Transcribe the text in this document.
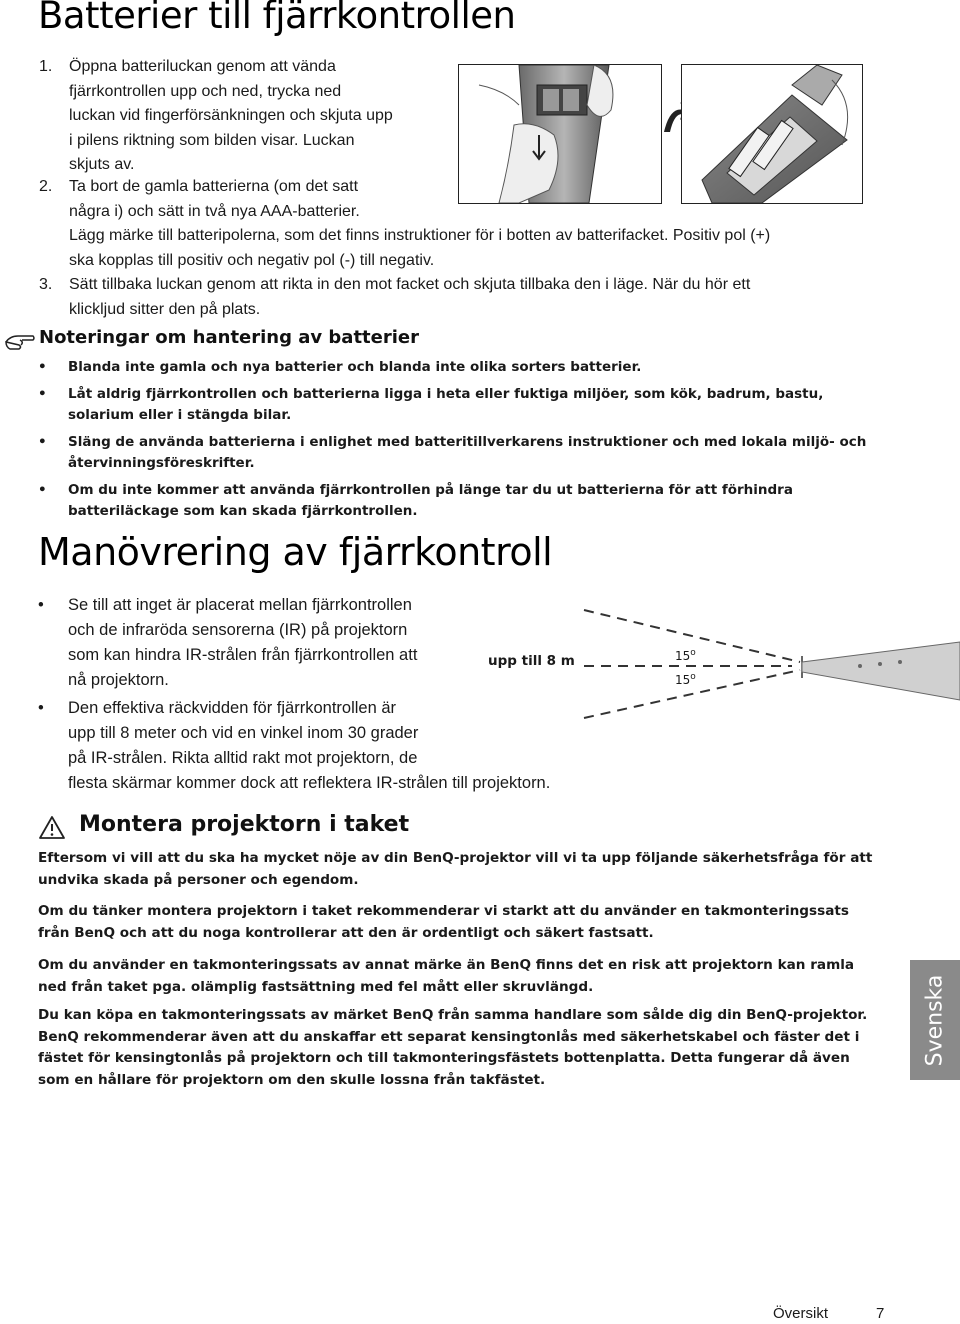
Batterier till fjärrkontrollen
1. Öppna batteriluckan genom att vända
fjärrkontrollen upp och ned, trycka ned
luckan vid fingerförsänkningen och skjuta upp
i pilens riktning som bilden visar. Luckan
skjuts av.
2. Ta bort de gamla batterierna (om det satt
några i) och sätt in två nya AAA-batterier.
Lägg märke till batteripolerna, som det finns instruktioner för i botten av batterifacket. Positiv pol (+)
ska kopplas till positiv och negativ pol (-) till negativ.
3. Sätt tillbaka luckan genom att rikta in den mot facket och skjuta tillbaka den i läge. När du hör ett
klickljud sitter den på plats.
Noteringar om hantering av batterier
• Blanda inte gamla och nya batterier och blanda inte olika sorters batterier.
• Låt aldrig fjärrkontrollen och batterierna ligga i heta eller fuktiga miljöer, som kök, badrum, bastu,
solarium eller i stängda bilar.
• Släng de använda batterierna i enlighet med batteritillverkarens instruktioner och med lokala miljö- och
återvinningsföreskrifter.
• Om du inte kommer att använda fjärrkontrollen på länge tar du ut batterierna för att förhindra
batteriläckage som kan skada fjärrkontrollen.
Manövrering av fjärrkontroll
• Se till att inget är placerat mellan fjärrkontrollen
och de infraröda sensorerna (IR) på projektorn
som kan hindra IR-strålen från fjärrkontrollen att
nå projektorn.
• Den effektiva räckvidden för fjärrkontrollen är
upp till 8 meter och vid en vinkel inom 30 grader
på IR-strålen. Rikta alltid rakt mot projektorn, de
flesta skärmar kommer dock att reflektera IR-strålen till projektorn.
upp till 8 m	15$^o$
15$^o$
Montera projektorn i taket
Eftersom vi vill att du ska ha mycket nöje av din BenQ-projektor vill vi ta upp följande säkerhetsfråga för att
undvika skada på personer och egendom.
Om du tänker montera projektorn i taket rekommenderar vi starkt att du använder en takmonteringssats
från BenQ och att du noga kontrollerar att den är ordentligt och säkert fastsatt.
Om du använder en takmonteringssats av annat märke än BenQ finns det en risk att projektorn kan ramla
ned från taket pga. olämplig fastsättning med fel mått eller skruvlängd.
Du kan köpa en takmonteringssats av märket BenQ från samma handlare som sålde dig din BenQ-projektor.
BenQ rekommenderar även att du anskaffar ett separat kensingtonlås med säkerhetskabel och fäster det i
fästet för kensingtonlås på projektorn och till takmonteringsfästets bottenplatta. Detta fungerar då även
som en hållare för projektorn om den skulle lossna från takfästet.
Svenska
Översikt	7
